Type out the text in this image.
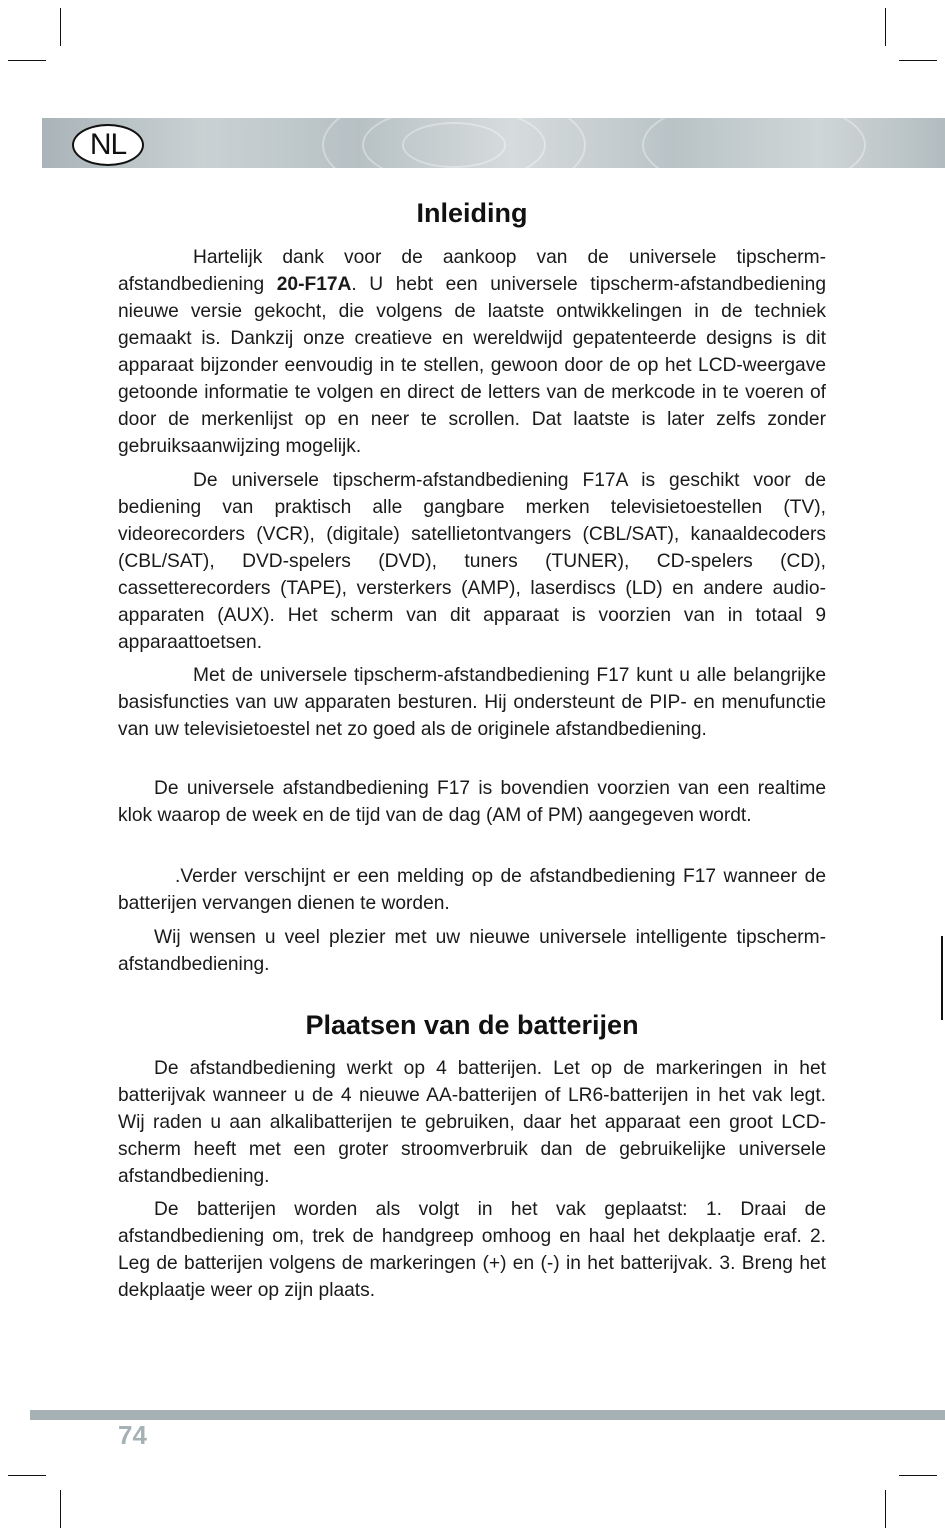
NL
Inleiding

Hartelijk dank voor de aankoop van de universele tipscherm-afstandbediening 20-F17A. U hebt een universele tipscherm-afstandbediening nieuwe versie gekocht, die volgens de laatste ontwikkelingen in de techniek gemaakt is. Dankzij onze creatieve en wereldwijd gepatenteerde designs is dit apparaat bijzonder eenvoudig in te stellen, gewoon door de op het LCD-weergave getoonde informatie te volgen en direct de letters van de merkcode in te voeren of door de merkenlijst op en neer te scrollen. Dat laatste is later zelfs zonder gebruiksaanwijzing mogelijk.

De universele tipscherm-afstandbediening F17A is geschikt voor de bediening van praktisch alle gangbare merken televisietoestellen (TV), videorecorders (VCR), (digitale) satellietontvangers (CBL/SAT), kanaaldecoders (CBL/SAT), DVD-spelers (DVD), tuners (TUNER), CD-spelers (CD), cassetterecorders (TAPE), versterkers (AMP), laserdiscs (LD) en andere audio-apparaten (AUX). Het scherm van dit apparaat is voorzien van in totaal 9 apparaattoetsen.

Met de universele tipscherm-afstandbediening F17 kunt u alle belangrijke basisfuncties van uw apparaten besturen. Hij ondersteunt de PIP- en menufunctie van uw televisietoestel net zo goed als de originele afstandbediening.

De universele afstandbediening F17 is bovendien voorzien van een realtime klok waarop de week en de tijd van de dag (AM of PM) aangegeven wordt.

.Verder verschijnt er een melding op de afstandbediening F17 wanneer de batterijen vervangen dienen te worden.

Wij wensen u veel plezier met uw nieuwe universele intelligente tipscherm-afstandbediening.

Plaatsen van de batterijen

De afstandbediening werkt op 4 batterijen. Let op de markeringen in het batterijvak wanneer u de 4 nieuwe AA-batterijen of LR6-batterijen in het vak legt. Wij raden u aan alkalibatterijen te gebruiken, daar het apparaat een groot LCD-scherm heeft met een groter stroomverbruik dan de gebruikelijke universele afstandbediening.

De batterijen worden als volgt in het vak geplaatst: 1. Draai de afstandbediening om, trek de handgreep omhoog en haal het dekplaatje eraf. 2. Leg de batterijen volgens de markeringen (+) en (-) in het batterijvak. 3. Breng het dekplaatje weer op zijn plaats.

74
